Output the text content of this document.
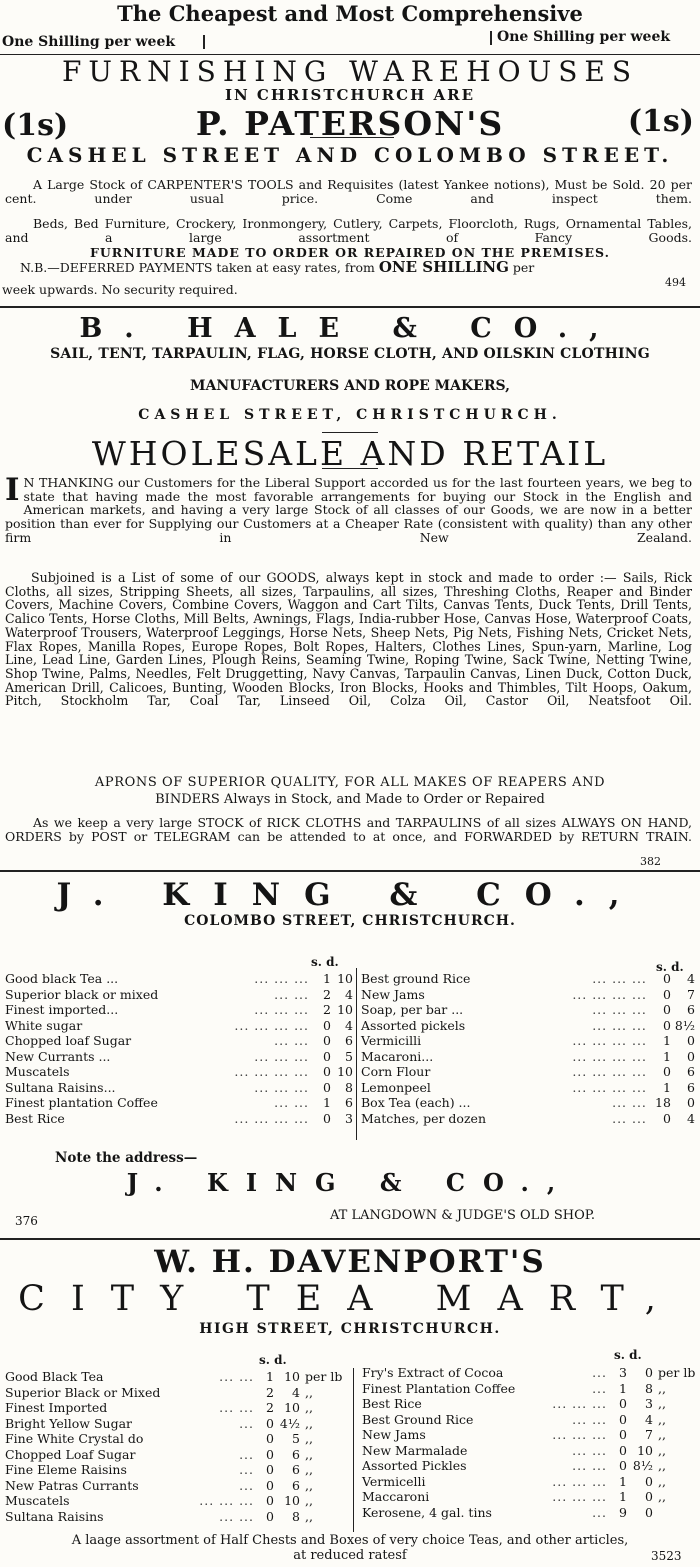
The Cheapest and Most Comprehensive
One Shilling per week	One Shilling per week
FURNISHING WAREHOUSES
IN CHRISTCHURCH ARE
(1s)	P. PATERSON'S	(1s)
CASHEL STREET AND COLOMBO STREET.
A Large Stock of CARPENTER'S TOOLS and Requisites (latest Yankee notions), Must be Sold. 20 per cent. under usual price. Come and inspect them.
Beds, Bed Furniture, Crockery, Ironmongery, Cutlery, Carpets, Floorcloth, Rugs, Ornamental Tables, and a large assortment of Fancy Goods.
FURNITURE MADE TO ORDER OR REPAIRED ON THE PREMISES.
N.B.—DEFERRED PAYMENTS taken at easy rates, from ONE SHILLING per
week upwards. No security required.	494
B. HALE & CO.,
SAIL, TENT, TARPAULIN, FLAG, HORSE CLOTH, AND OILSKIN CLOTHING
MANUFACTURERS AND ROPE MAKERS,
CASHEL STREET, CHRISTCHURCH.
WHOLESALE AND RETAIL
I N THANKING our Customers for the Liberal Support accorded us for the last fourteen years, we beg to state that having made the most favorable arrangements for buying our Stock in the English and American markets, and having a very large Stock of all classes of our Goods, we are now in a better position than ever for Supplying our Customers at a Cheaper Rate (consistent with quality) than any other firm in New Zealand.
Subjoined is a List of some of our GOODS, always kept in stock and made to order :— Sails, Rick Cloths, all sizes, Stripping Sheets, all sizes, Tarpaulins, all sizes, Threshing Cloths, Reaper and Binder Covers, Machine Covers, Combine Covers, Waggon and Cart Tilts, Canvas Tents, Duck Tents, Drill Tents, Calico Tents, Horse Cloths, Mill Belts, Awnings, Flags, India-rubber Hose, Canvas Hose, Waterproof Coats, Waterproof Trousers, Waterproof Leggings, Horse Nets, Sheep Nets, Pig Nets, Fishing Nets, Cricket Nets, Flax Ropes, Manilla Ropes, Europe Ropes, Bolt Ropes, Halters, Clothes Lines, Spun-yarn, Marline, Log Line, Lead Line, Garden Lines, Plough Reins, Seaming Twine, Roping Twine, Sack Twine, Netting Twine, Shop Twine, Palms, Needles, Felt Druggetting, Navy Canvas, Tarpaulin Canvas, Linen Duck, Cotton Duck, American Drill, Calicoes, Bunting, Wooden Blocks, Iron Blocks, Hooks and Thimbles, Tilt Hoops, Oakum, Pitch, Stockholm Tar, Coal Tar, Linseed Oil, Colza Oil, Castor Oil, Neatsfoot Oil.
APRONS OF SUPERIOR QUALITY, FOR ALL MAKES OF REAPERS AND
BINDERS Always in Stock, and Made to Order or Repaired
As we keep a very large STOCK of RICK CLOTHS and TARPAULINS of all sizes ALWAYS ON HAND, ORDERS by POST or TELEGRAM can be attended to at once, and FORWARDED by RETURN TRAIN.
382
J. KING & CO.,
COLOMBO STREET, CHRISTCHURCH.
Good black Tea ...	... ... ...	1	10
Superior black or mixed	... ...	2	4
Finest imported...	... ... ...	2	10
White sugar	... ... ... ...	0	4
Chopped loaf Sugar	... ...	0	6
New Currants ...	... ... ...	0	5
Muscatels	... ... ... ...	0	10
Sultana Raisins...	... ... ...	0	8
Finest plantation Coffee	... ...	1	6
Best Rice	... ... ... ...	0	3
s. d.
Best ground Rice	... ... ...	0	4
New Jams	... ... ... ...	0	7
Soap, per bar ...	... ... ...	0	6
Assorted pickels	... ... ...	0	8½
Vermicilli	... ... ... ...	1	0
Macaroni...	... ... ... ...	1	0
Corn Flour	... ... ... ...	0	6
Lemonpeel	... ... ... ...	1	6
Box Tea (each) ...	... ...	18	0
Matches, per dozen	... ...	0	4
s. d.
Note the address—
J. KING & CO.,
376	AT LANGDOWN & JUDGE'S OLD SHOP.
W. H. DAVENPORT'S
CITY TEA MART,
HIGH STREET, CHRISTCHURCH.
s. d.
Good Black Tea	... ...	1	10	per lb
Superior Black or Mixed		2	4	,,
Finest Imported	... ...	2	10	,,
Bright Yellow Sugar	...	0	4½	,,
Fine White Crystal do		0	5	,,
Chopped Loaf Sugar	...	0	6	,,
Fine Eleme Raisins	...	0	6	,,
New Patras Currants	...	0	6	,,
Muscatels	... ... ...	0	10	,,
Sultana Raisins	... ...	0	8	,,
s. d.
Fry's Extract of Cocoa	...	3	0	per lb
Finest Plantation Coffee	...	1	8	,,
Best Rice	... ... ...	0	3	,,
Best Ground Rice	... ...	0	4	,,
New Jams	... ... ...	0	7	,,
New Marmalade	... ...	0	10	,,
Assorted Pickles	... ...	0	8½	,,
Vermicelli	... ... ...	1	0	,,
Maccaroni	... ... ...	1	0	,,
Kerosene, 4 gal. tins	...	9	0	
A laage assortment of Half Chests and Boxes of very choice Teas, and other articles,
at reduced ratesf	3523
